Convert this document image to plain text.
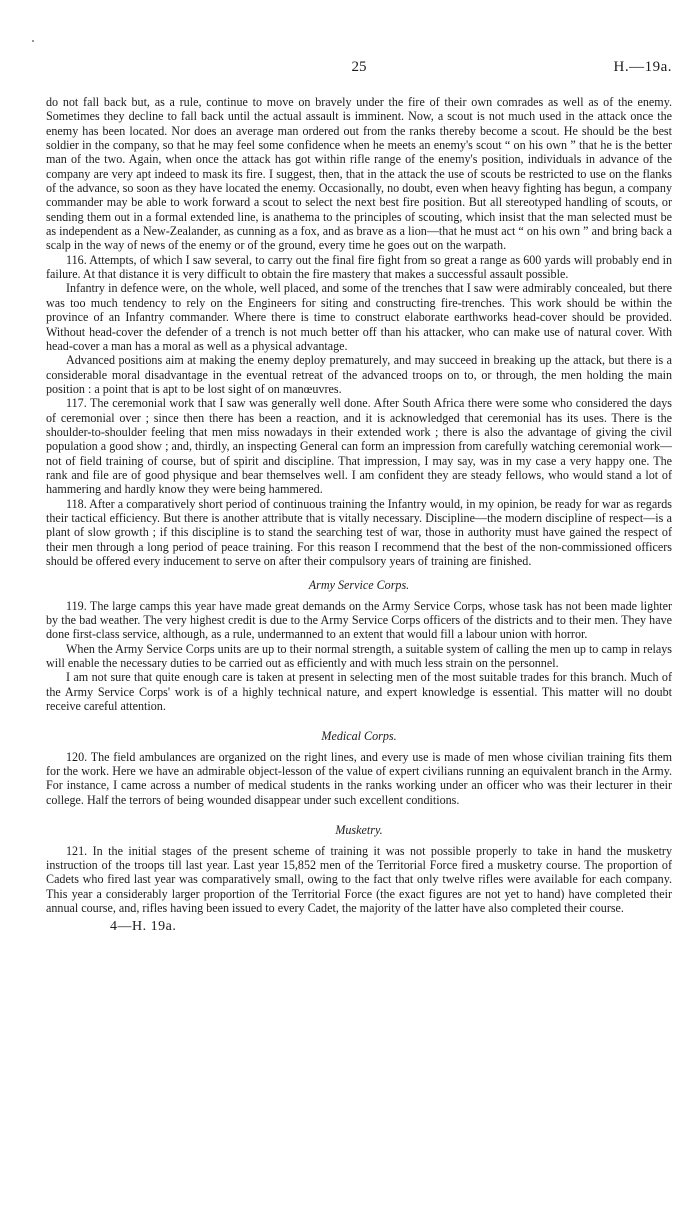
25	H.—19a.

do not fall back but, as a rule, continue to move on bravely under the fire of their own comrades as well as of the enemy. Sometimes they decline to fall back until the actual assault is imminent. Now, a scout is not much used in the attack once the enemy has been located. Nor does an average man ordered out from the ranks thereby become a scout. He should be the best soldier in the company, so that he may feel some confidence when he meets an enemy's scout “ on his own ” that he is the better man of the two. Again, when once the attack has got within rifle range of the enemy's position, individuals in advance of the company are very apt indeed to mask its fire. I suggest, then, that in the attack the use of scouts be restricted to use on the flanks of the advance, so soon as they have located the enemy. Occasionally, no doubt, even when heavy fighting has begun, a company commander may be able to work forward a scout to select the next best fire position. But all stereotyped handling of scouts, or sending them out in a formal extended line, is anathema to the principles of scouting, which insist that the man selected must be as independent as a New-Zealander, as cunning as a fox, and as brave as a lion—that he must act “ on his own ” and bring back a scalp in the way of news of the enemy or of the ground, every time he goes out on the warpath.

116. Attempts, of which I saw several, to carry out the final fire fight from so great a range as 600 yards will probably end in failure. At that distance it is very difficult to obtain the fire mastery that makes a successful assault possible.

Infantry in defence were, on the whole, well placed, and some of the trenches that I saw were admirably concealed, but there was too much tendency to rely on the Engineers for siting and constructing fire-trenches. This work should be within the province of an Infantry commander. Where there is time to construct elaborate earthworks head-cover should be provided. Without head-cover the defender of a trench is not much better off than his attacker, who can make use of natural cover. With head-cover a man has a moral as well as a physical advantage.

Advanced positions aim at making the enemy deploy prematurely, and may succeed in breaking up the attack, but there is a considerable moral disadvantage in the eventual retreat of the advanced troops on to, or through, the men holding the main position : a point that is apt to be lost sight of on manœuvres.

117. The ceremonial work that I saw was generally well done. After South Africa there were some who considered the days of ceremonial over ; since then there has been a reaction, and it is acknowledged that ceremonial has its uses. There is the shoulder-to-shoulder feeling that men miss nowadays in their extended work ; there is also the advantage of giving the civil population a good show ; and, thirdly, an inspecting General can form an impression from carefully watching ceremonial work—not of field training of course, but of spirit and discipline. That impression, I may say, was in my case a very happy one. The rank and file are of good physique and bear themselves well. I am confident they are steady fellows, who would stand a lot of hammering and hardly know they were being hammered.

118. After a comparatively short period of continuous training the Infantry would, in my opinion, be ready for war as regards their tactical efficiency. But there is another attribute that is vitally necessary. Discipline—the modern discipline of respect—is a plant of slow growth ; if this discipline is to stand the searching test of war, those in authority must have gained the respect of their men through a long period of peace training. For this reason I recommend that the best of the non-commissioned officers should be offered every inducement to serve on after their compulsory years of training are finished.

Army Service Corps.

119. The large camps this year have made great demands on the Army Service Corps, whose task has not been made lighter by the bad weather. The very highest credit is due to the Army Service Corps officers of the districts and to their men. They have done first-class service, although, as a rule, undermanned to an extent that would fill a labour union with horror.

When the Army Service Corps units are up to their normal strength, a suitable system of calling the men up to camp in relays will enable the necessary duties to be carried out as efficiently and with much less strain on the personnel.

I am not sure that quite enough care is taken at present in selecting men of the most suitable trades for this branch. Much of the Army Service Corps' work is of a highly technical nature, and expert knowledge is essential. This matter will no doubt receive careful attention.

Medical Corps.

120. The field ambulances are organized on the right lines, and every use is made of men whose civilian training fits them for the work. Here we have an admirable object-lesson of the value of expert civilians running an equivalent branch in the Army. For instance, I came across a number of medical students in the ranks working under an officer who was their lecturer in their college. Half the terrors of being wounded disappear under such excellent conditions.

Musketry.

121. In the initial stages of the present scheme of training it was not possible properly to take in hand the musketry instruction of the troops till last year. Last year 15,852 men of the Territorial Force fired a musketry course. The proportion of Cadets who fired last year was comparatively small, owing to the fact that only twelve rifles were available for each company. This year a considerably larger proportion of the Territorial Force (the exact figures are not yet to hand) have completed their annual course, and, rifles having been issued to every Cadet, the majority of the latter have also completed their course.

4—H. 19a.
